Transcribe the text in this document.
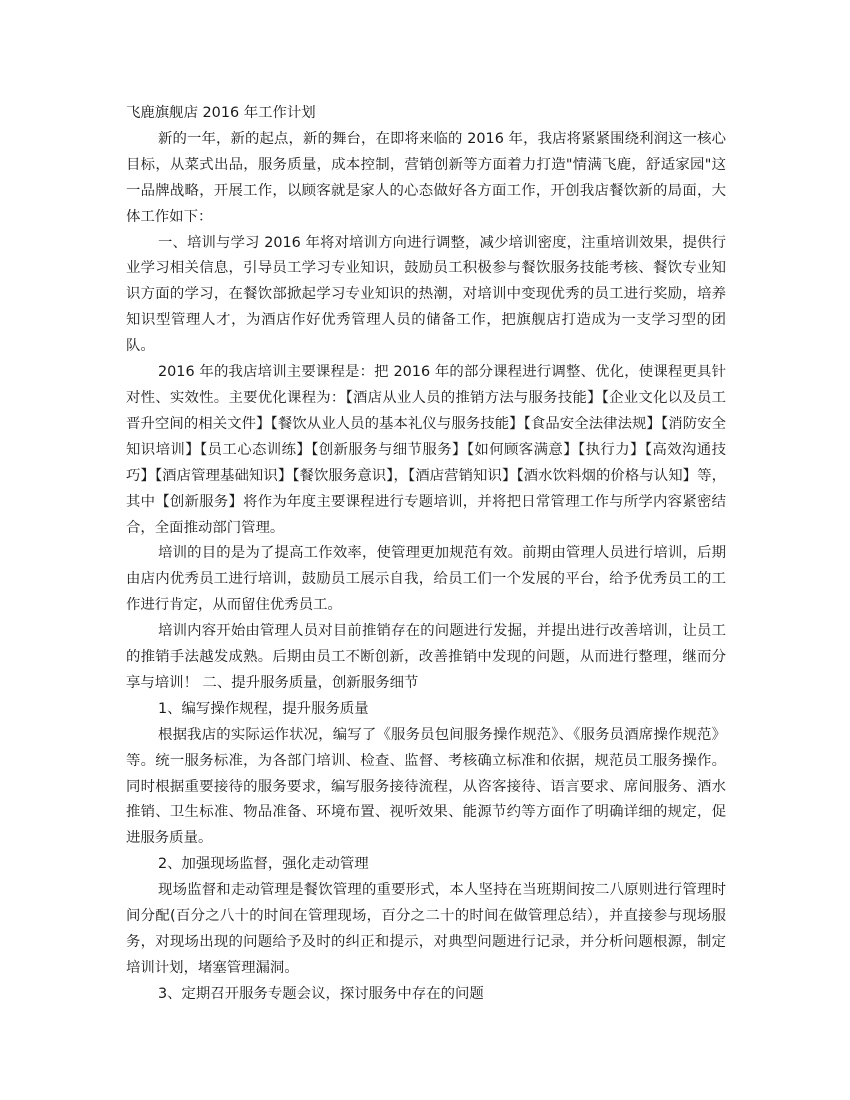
飞鹿旗舰店 2016 年工作计划

新的一年，新的起点，新的舞台，在即将来临的 2016 年，我店将紧紧围绕利润这一核心目标，从菜式出品，服务质量，成本控制，营销创新等方面着力打造"情满飞鹿，舒适家园"这一品牌战略，开展工作，以顾客就是家人的心态做好各方面工作，开创我店餐饮新的局面，大体工作如下：

一、培训与学习 2016 年将对培训方向进行调整，减少培训密度，注重培训效果，提供行业学习相关信息，引导员工学习专业知识，鼓励员工积极参与餐饮服务技能考核、餐饮专业知识方面的学习，在餐饮部掀起学习专业知识的热潮，对培训中变现优秀的员工进行奖励，培养知识型管理人才，为酒店作好优秀管理人员的储备工作，把旗舰店打造成为一支学习型的团队。

2016 年的我店培训主要课程是：把 2016 年的部分课程进行调整、优化，使课程更具针对性、实效性。主要优化课程为：【酒店从业人员的推销方法与服务技能】【企业文化以及员工晋升空间的相关文件】【餐饮从业人员的基本礼仪与服务技能】【食品安全法律法规】【消防安全知识培训】【员工心态训练】【创新服务与细节服务】【如何顾客满意】【执行力】【高效沟通技巧】【酒店管理基础知识】【餐饮服务意识】，【酒店营销知识】【酒水饮料烟的价格与认知】等，其中【创新服务】将作为年度主要课程进行专题培训，并将把日常管理工作与所学内容紧密结合，全面推动部门管理。

培训的目的是为了提高工作效率，使管理更加规范有效。前期由管理人员进行培训，后期由店内优秀员工进行培训，鼓励员工展示自我，给员工们一个发展的平台，给予优秀员工的工作进行肯定，从而留住优秀员工。

培训内容开始由管理人员对目前推销存在的问题进行发掘，并提出进行改善培训，让员工的推销手法越发成熟。后期由员工不断创新，改善推销中发现的问题，从而进行整理，继而分享与培训！ 二、提升服务质量，创新服务细节

1、编写操作规程，提升服务质量

根据我店的实际运作状况，编写了《服务员包间服务操作规范》、《服务员酒席操作规范》等。统一服务标准，为各部门培训、检查、监督、考核确立标准和依据，规范员工服务操作。同时根据重要接待的服务要求，编写服务接待流程，从咨客接待、语言要求、席间服务、酒水推销、卫生标准、物品准备、环境布置、视听效果、能源节约等方面作了明确详细的规定，促进服务质量。

2、加强现场监督，强化走动管理

现场监督和走动管理是餐饮管理的重要形式，本人坚持在当班期间按二八原则进行管理时间分配(百分之八十的时间在管理现场，百分之二十的时间在做管理总结），并直接参与现场服务，对现场出现的问题给予及时的纠正和提示，对典型问题进行记录，并分析问题根源，制定培训计划，堵塞管理漏洞。

3、定期召开服务专题会议，探讨服务中存在的问题
